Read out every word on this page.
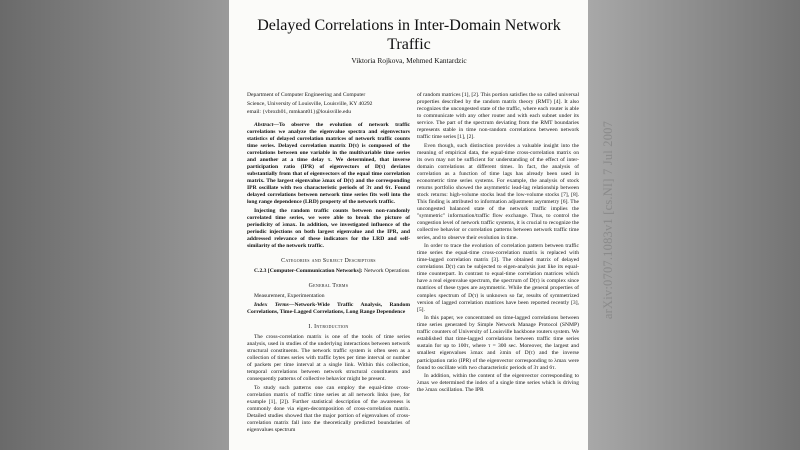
arXiv:0707.1083v1 [cs.NI] 7 Jul 2007
Delayed Correlations in Inter-Domain Network Traffic
Viktoria Rojkova, Mehmed Kantardzic
Department of Computer Engineering and Computer
Science, University of Louisville, Louisville, KY 40292
email: {vbrozh01, mmkant01}@louisville.edu

Abstract—To observe the evolution of network traffic correlations we analyze the eigenvalue spectra and eigenvectors statistics of delayed correlation matrices of network traffic counts time series. Delayed correlation matrix D(τ) is composed of the correlations between one variable in the multivariable time series and another at a time delay τ. We determined, that inverse participation ratio (IPR) of eigenvectors of D(τ) deviates substantially from that of eigenvectors of the equal time correlation matrix. The largest eigenvalue λmax of D(τ) and the corresponding IPR oscillate with two characteristic periods of 3τ and 6τ. Found delayed correlations between network time series fits well into the long range dependence (LRD) property of the network traffic.

Injecting the random traffic counts between non-randomly correlated time series, we were able to break the picture of periodicity of λmax. In addition, we investigated influence of the periodic injections on both largest eigenvalue and the IPR, and addressed relevance of these indicators for the LRD and self-similarity of the network traffic.

Categories and Subject Descriptors

C.2.3 [Computer-Communication Networks]: Network Operations

General Terms

Measurement, Experimentation

Index Terms—Network-Wide Traffic Analysis, Random Correlations, Time-Lagged Correlations, Long Range Dependence

I. Introduction

The cross-correlation matrix is one of the tools of time series analysis, used in studies of the underlying interactions between network structural constituents. The network traffic system is often seen as a collection of times series with traffic bytes per time interval or number of packets per time interval at a single link. Within this collection, temporal correlations between network structural constituents and consequently patterns of collective behavior might be present.

To study such patterns one can employ the equal-time cross-correlation matrix of traffic time series at all network links (see, for example [1], [2]). Further statistical description of the awareness is commonly done via eigen-decomposition of cross-correlation matrix. Detailed studies showed that the major portion of eigenvalues of cross-correlation matrix fall into the theoretically predicted boundaries of eigenvalues spectrum

of random matrices [1], [2]. This portion satisfies the so called universal properties described by the random matrix theory (RMT) [4]. It also recognizes the uncongested state of the traffic, where each router is able to communicate with any other router and with each subnet under its service. The part of the spectrum deviating from the RMT boundaries represents stable in time non-random correlations between network traffic time series [1], [2].

Even though, such distinction provides a valuable insight into the meaning of empirical data, the equal-time cross-correlation matrix on its own may not be sufficient for understanding of the effect of inter-domain correlations at different times. In fact, the analysis of correlation as a function of time lags has already been used in econometric time series systems. For example, the analysis of stock returns portfolio showed the asymmetric lead-lag relationship between stock returns: high-volume stocks lead the low-volume stocks [7], [8]. This finding is attributed to information adjustment asymmetry [6]. The uncongested balanced state of the network traffic implies the "symmetric" information/traffic flow exchange. Thus, to control the congestion level of network traffic systems, it is crucial to recognize the collective behavior or correlation patterns between network traffic time series, and to observe their evolution in time.

In order to trace the evolution of correlation pattern between traffic time series the equal-time cross-correlation matrix is replaced with time-lagged correlation matrix [3]. The obtained matrix of delayed correlations D(τ) can be subjected to eigen-analysis just like its equal-time counterpart. In contrast to equal-time correlation matrices which have a real eigenvalue spectrum, the spectrum of D(τ) is complex since matrices of these types are asymmetric. While the general properties of complex spectrum of D(τ) is unknown so far, results of symmetrized version of lagged correlation matrices have been reported recently [3], [5].

In this paper, we concentrated on time-lagged correlations between time series generated by Simple Network Manage Protocol (SNMP) traffic counters of University of Louisville backbone routers system. We established that time-lagged correlations between traffic time series sustain for up to 100τ, where τ = 300 sec. Moreover, the largest and smallest eigenvalues λmax and λmin of D(τ) and the inverse participation ratio (IPR) of the eigenvector corresponding to λmax were found to oscillate with two characteristic periods of 3τ and 6τ.

In addition, within the content of the eigenvector corresponding to λmax we determined the index of a single time series which is driving the λmax oscillation. The IPR
